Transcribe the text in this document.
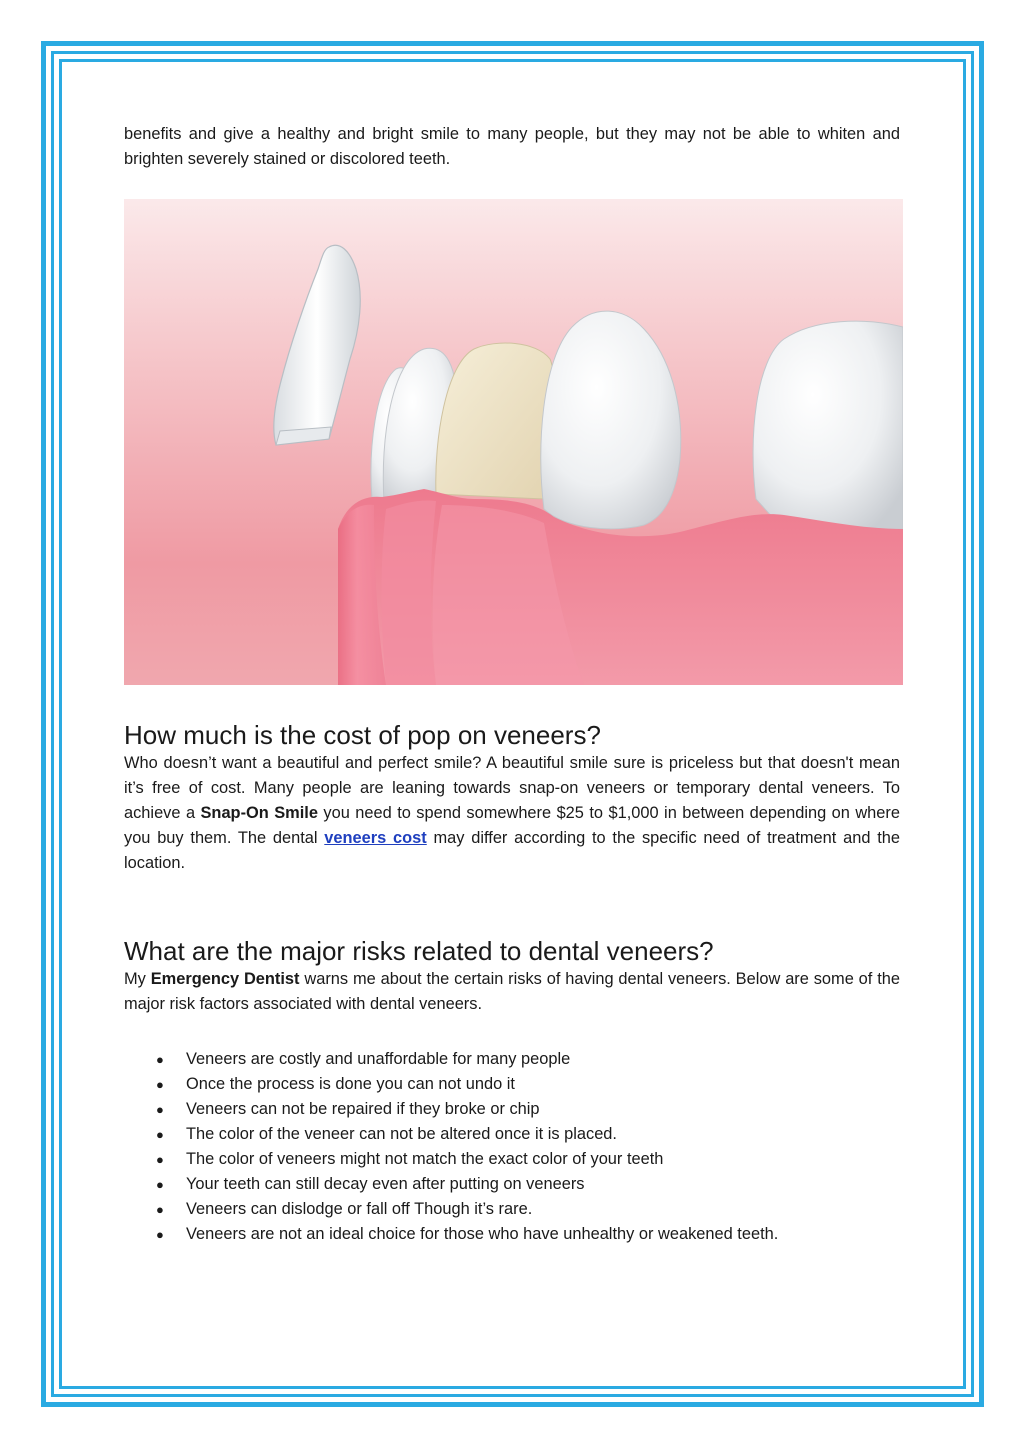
benefits and give a healthy and bright smile to many people, but they may not be able to whiten and brighten severely stained or discolored teeth.

How much is the cost of pop on veneers?

Who doesn’t want a beautiful and perfect smile? A beautiful smile sure is priceless but that doesn't mean it’s free of cost. Many people are leaning towards snap-on veneers or temporary dental veneers. To achieve a Snap-On Smile you need to spend somewhere $25 to $1,000 in between depending on where you buy them. The dental veneers cost may differ according to the specific need of treatment and the location.

What are the major risks related to dental veneers?

My Emergency Dentist warns me about the certain risks of having dental veneers. Below are some of the major risk factors associated with dental veneers.

● Veneers are costly and unaffordable for many people
● Once the process is done you can not undo it
● Veneers can not be repaired if they broke or chip
● The color of the veneer can not be altered once it is placed.
● The color of veneers might not match the exact color of your teeth
● Your teeth can still decay even after putting on veneers
● Veneers can dislodge or fall off Though it’s rare.
● Veneers are not an ideal choice for those who have unhealthy or weakened teeth.
